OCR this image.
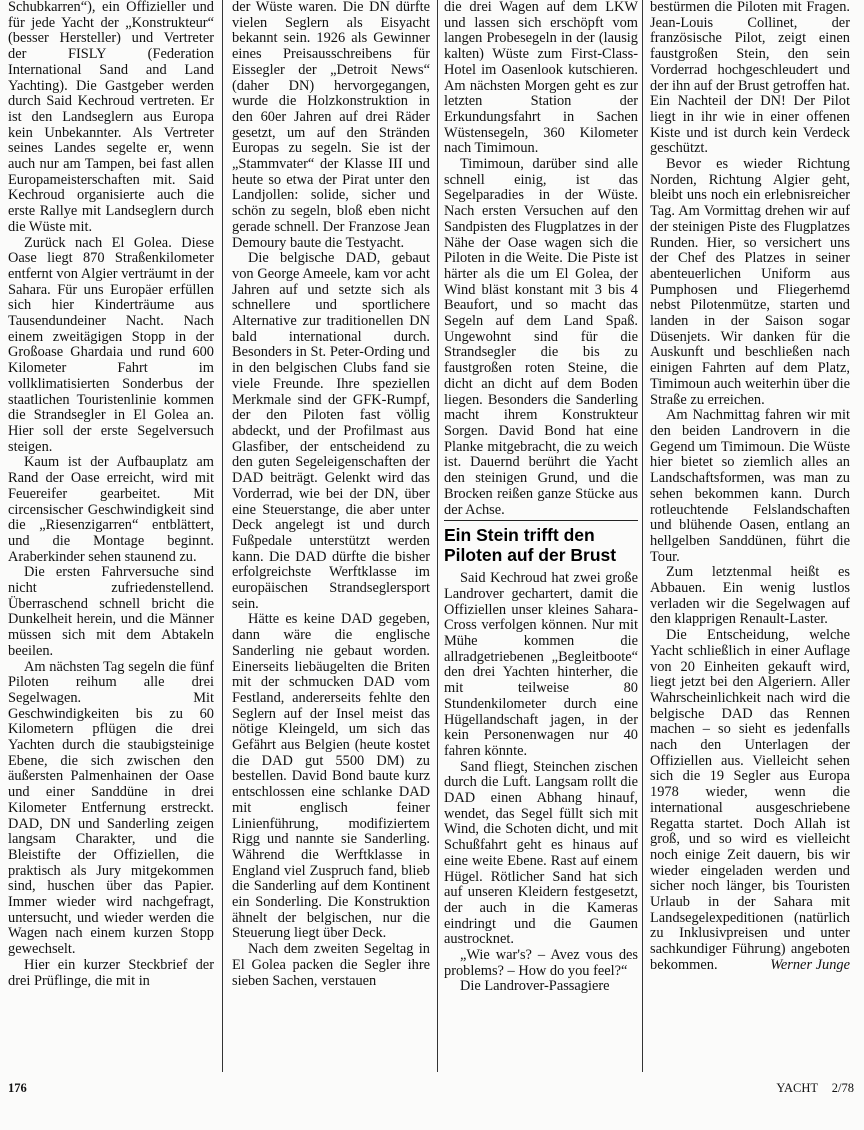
Schubkarren“), ein Offizieller und für jede Yacht der „Konstrukteur“ (besser Hersteller) und Vertreter der FISLY (Federation International Sand and Land Yachting). Die Gastgeber werden durch Said Kechroud vertreten. Er ist den Landseglern aus Europa kein Unbekannter. Als Vertreter seines Landes segelte er, wenn auch nur am Tampen, bei fast allen Europameisterschaften mit. Said Kechroud organisierte auch die erste Rallye mit Landseglern durch die Wüste mit.

Zurück nach El Golea. Diese Oase liegt 870 Straßenkilometer entfernt von Algier verträumt in der Sahara. Für uns Europäer erfüllen sich hier Kinderträume aus Tausendundeiner Nacht. Nach einem zweitägigen Stopp in der Großoase Ghardaia und rund 600 Kilometer Fahrt im vollklimatisierten Sonderbus der staatlichen Touristenlinie kommen die Strandsegler in El Golea an. Hier soll der erste Segelversuch steigen.

Kaum ist der Aufbauplatz am Rand der Oase erreicht, wird mit Feuereifer gearbeitet. Mit circensischer Geschwindigkeit sind die „Riesenzigarren“ entblättert, und die Montage beginnt. Araberkinder sehen staunend zu.

Die ersten Fahrversuche sind nicht zufriedenstellend. Überraschend schnell bricht die Dunkelheit herein, und die Männer müssen sich mit dem Abtakeln beeilen.

Am nächsten Tag segeln die fünf Piloten reihum alle drei Segelwagen. Mit Geschwindigkeiten bis zu 60 Kilometern pflügen die drei Yachten durch die staubigsteinige Ebene, die sich zwischen den äußersten Palmenhainen der Oase und einer Sanddüne in drei Kilometer Entfernung erstreckt. DAD, DN und Sanderling zeigen langsam Charakter, und die Bleistifte der Offiziellen, die praktisch als Jury mitgekommen sind, huschen über das Papier. Immer wieder wird nachgefragt, untersucht, und wieder werden die Wagen nach einem kurzen Stopp gewechselt.

Hier ein kurzer Steckbrief der drei Prüflinge, die mit in

der Wüste waren. Die DN dürfte vielen Seglern als Eisyacht bekannt sein. 1926 als Gewinner eines Preisausschreibens für Eissegler der „Detroit News“ (daher DN) hervorgegangen, wurde die Holzkonstruktion in den 60er Jahren auf drei Räder gesetzt, um auf den Stränden Europas zu segeln. Sie ist der „Stammvater“ der Klasse III und heute so etwa der Pirat unter den Landjollen: solide, sicher und schön zu segeln, bloß eben nicht gerade schnell. Der Franzose Jean Demoury baute die Testyacht.

Die belgische DAD, gebaut von George Ameele, kam vor acht Jahren auf und setzte sich als schnellere und sportlichere Alternative zur traditionellen DN bald international durch. Besonders in St. Peter-Ording und in den belgischen Clubs fand sie viele Freunde. Ihre speziellen Merkmale sind der GFK-Rumpf, der den Piloten fast völlig abdeckt, und der Profilmast aus Glasfiber, der entscheidend zu den guten Segeleigenschaften der DAD beiträgt. Gelenkt wird das Vorderrad, wie bei der DN, über eine Steuerstange, die aber unter Deck angelegt ist und durch Fußpedale unterstützt werden kann. Die DAD dürfte die bisher erfolgreichste Werftklasse im europäischen Strandseglersport sein.

Hätte es keine DAD gegeben, dann wäre die englische Sanderling nie gebaut worden. Einerseits liebäugelten die Briten mit der schmucken DAD vom Festland, andererseits fehlte den Seglern auf der Insel meist das nötige Kleingeld, um sich das Gefährt aus Belgien (heute kostet die DAD gut 5500 DM) zu bestellen. David Bond baute kurz entschlossen eine schlanke DAD mit englisch feiner Linienführung, modifiziertem Rigg und nannte sie Sanderling. Während die Werftklasse in England viel Zuspruch fand, blieb die Sanderling auf dem Kontinent ein Sonderling. Die Konstruktion ähnelt der belgischen, nur die Steuerung liegt über Deck.

Nach dem zweiten Segeltag in El Golea packen die Segler ihre sieben Sachen, verstauen

die drei Wagen auf dem LKW und lassen sich erschöpft vom langen Probesegeln in der (lausig kalten) Wüste zum First-Class-Hotel im Oasenlook kutschieren. Am nächsten Morgen geht es zur letzten Station der Erkundungsfahrt in Sachen Wüstensegeln, 360 Kilometer nach Timimoun.

Timimoun, darüber sind alle schnell einig, ist das Segelparadies in der Wüste. Nach ersten Versuchen auf den Sandpisten des Flugplatzes in der Nähe der Oase wagen sich die Piloten in die Weite. Die Piste ist härter als die um El Golea, der Wind bläst konstant mit 3 bis 4 Beaufort, und so macht das Segeln auf dem Land Spaß. Ungewohnt sind für die Strandsegler die bis zu faustgroßen roten Steine, die dicht an dicht auf dem Boden liegen. Besonders die Sanderling macht ihrem Konstrukteur Sorgen. David Bond hat eine Planke mitgebracht, die zu weich ist. Dauernd berührt die Yacht den steinigen Grund, und die Brocken reißen ganze Stücke aus der Achse.

Ein Stein trifft den Piloten auf der Brust

Said Kechroud hat zwei große Landrover gechartert, damit die Offiziellen unser kleines Sahara-Cross verfolgen können. Nur mit Mühe kommen die allradgetriebenen „Begleitboote“ den drei Yachten hinterher, die mit teilweise 80 Stundenkilometer durch eine Hügellandschaft jagen, in der kein Personenwagen nur 40 fahren könnte.

Sand fliegt, Steinchen zischen durch die Luft. Langsam rollt die DAD einen Abhang hinauf, wendet, das Segel füllt sich mit Wind, die Schoten dicht, und mit Schußfahrt geht es hinaus auf eine weite Ebene. Rast auf einem Hügel. Rötlicher Sand hat sich auf unseren Kleidern festgesetzt, der auch in die Kameras eindringt und die Gaumen austrocknet.

„Wie war's? – Avez vous des problems? – How do you feel?“

Die Landrover-Passagiere

bestürmen die Piloten mit Fragen. Jean-Louis Collinet, der französische Pilot, zeigt einen faustgroßen Stein, den sein Vorderrad hochgeschleudert und der ihn auf der Brust getroffen hat. Ein Nachteil der DN! Der Pilot liegt in ihr wie in einer offenen Kiste und ist durch kein Verdeck geschützt.

Bevor es wieder Richtung Norden, Richtung Algier geht, bleibt uns noch ein erlebnisreicher Tag. Am Vormittag drehen wir auf der steinigen Piste des Flugplatzes Runden. Hier, so versichert uns der Chef des Platzes in seiner abenteuerlichen Uniform aus Pumphosen und Fliegerhemd nebst Pilotenmütze, starten und landen in der Saison sogar Düsenjets. Wir danken für die Auskunft und beschließen nach einigen Fahrten auf dem Platz, Timimoun auch weiterhin über die Straße zu erreichen.

Am Nachmittag fahren wir mit den beiden Landrovern in die Gegend um Timimoun. Die Wüste hier bietet so ziemlich alles an Landschaftsformen, was man zu sehen bekommen kann. Durch rotleuchtende Felslandschaften und blühende Oasen, entlang an hellgelben Sanddünen, führt die Tour.

Zum letztenmal heißt es Abbauen. Ein wenig lustlos verladen wir die Segelwagen auf den klapprigen Renault-Laster.

Die Entscheidung, welche Yacht schließlich in einer Auflage von 20 Einheiten gekauft wird, liegt jetzt bei den Algeriern. Aller Wahrscheinlichkeit nach wird die belgische DAD das Rennen machen – so sieht es jedenfalls nach den Unterlagen der Offiziellen aus. Vielleicht sehen sich die 19 Segler aus Europa 1978 wieder, wenn die international ausgeschriebene Regatta startet. Doch Allah ist groß, und so wird es vielleicht noch einige Zeit dauern, bis wir wieder eingeladen werden und sicher noch länger, bis Touristen Urlaub in der Sahara mit Landsegelexpeditionen (natürlich zu Inklusivpreisen und unter sachkundiger Führung) angeboten bekommen.	Werner Junge

176	YACHT 2/78
